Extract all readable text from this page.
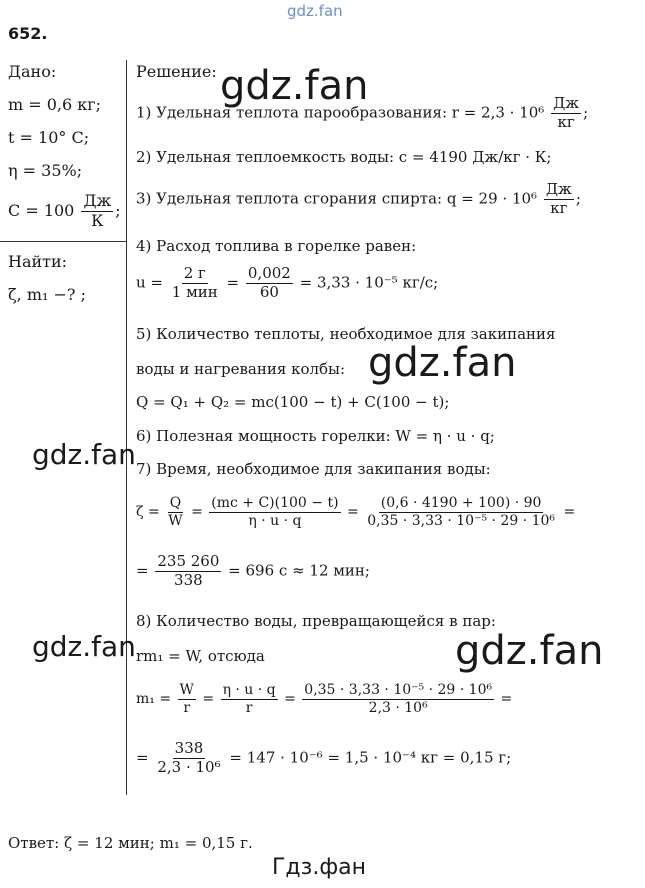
gdz.fan
652.
Дано:
m = 0,6 кг;
t = 10° C;
η = 35%;
$C = 100 \frac{Дж}{К}$ ;
Найти:
ζ, m₁ −? ;
Решение:
1) Удельная теплота парообразования: $r = 2,3 \cdot 10^6 \frac{Дж}{кг}$ ;
2) Удельная теплоемкость воды: c = 4190 Дж/кг · К;
3) Удельная теплота сгорания спирта: $q = 29 \cdot 10^6 \frac{Дж}{кг}$ ;
4) Расход топлива в горелке равен:
$u = \frac{2 г}{\text{1 мин}} = \frac{0,002}{60} = 3,33 \cdot 10^{-5}$ кг/с;
5) Количество теплоты, необходимое для закипания
воды и нагревания колбы:
Q = Q₁ + Q₂ = mc(100 − t) + C(100 − t);
6) Полезная мощность горелки: W = η · u · q;
7) Время, необходимое для закипания воды:
$\zeta = \frac{Q}{W} = \frac{(mc + C)(100 - t)}{\eta \cdot u \cdot q} = \frac{(0,6 \cdot 4190 + 100) \cdot 90}{\text{0,35 · 3,33 · 10⁻⁵ · 29 · 10⁶}}$ =
= $\frac{235 260}{338} = 696$ с ≈ 12 мин;
8) Количество воды, превращающейся в пар:
rm₁ = W, отсюда
$m_1 = \frac{W}{r} = \frac{\eta \cdot u \cdot q}{r} = \frac{\text{0,35 · 3,33 · 10⁻⁵ · 29 · 10⁶}}{\text{2,3 · 10⁶}}$ =
= $\frac{338}{\text{2,3 · 10⁶}} = 147 \cdot 10^{-6} = 1,5 \cdot 10^{-4}$ кг = 0,15 г;
Ответ: ζ = 12 мин; m₁ = 0,15 г.
gdz.fan
gdz.fan
gdz.fan
gdz.fan	gdz.fan
Гдз.фан
